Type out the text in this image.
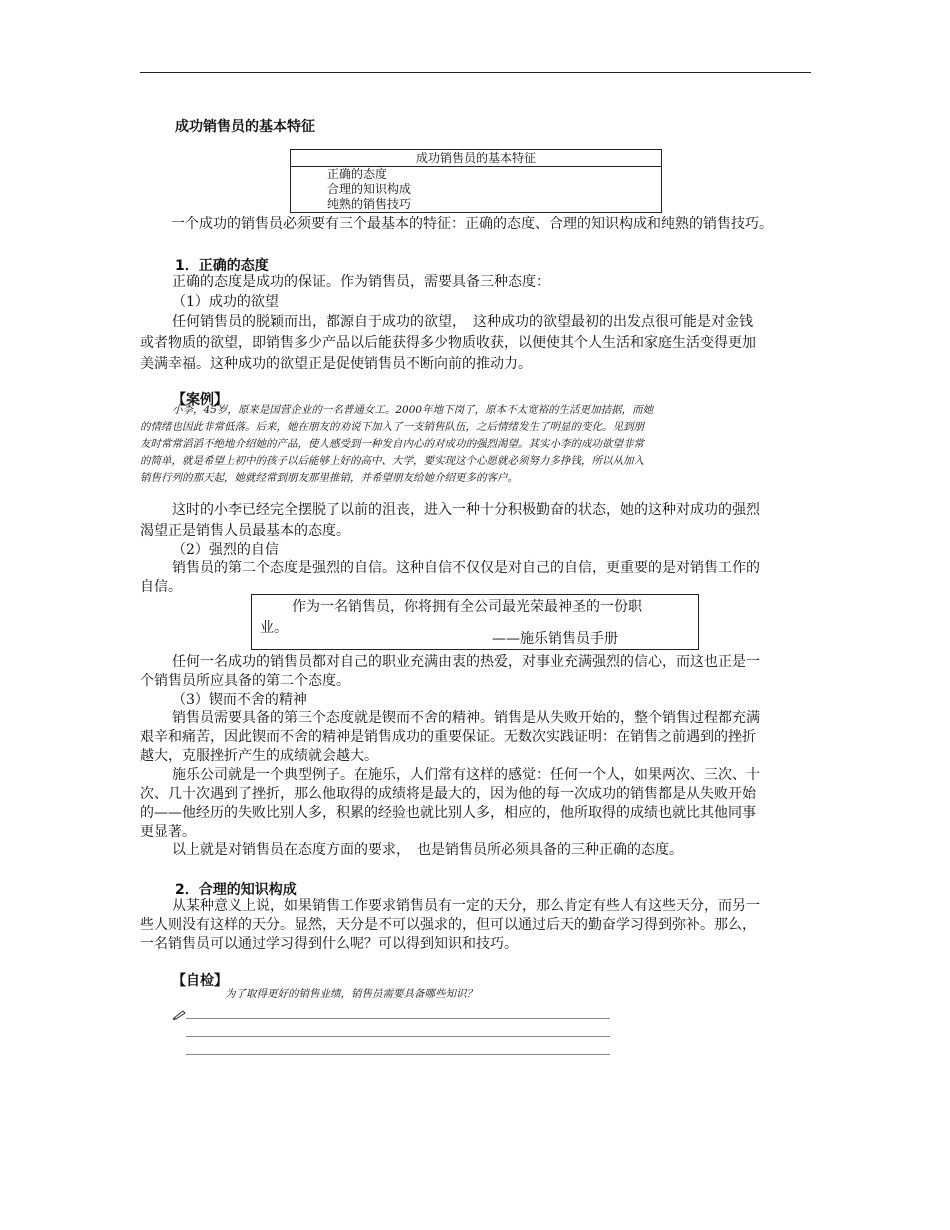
成功销售员的基本特征
成功销售员的基本特征
正确的态度
合理的知识构成
纯熟的销售技巧
一个成功的销售员必须要有三个最基本的特征：正确的态度、合理的知识构成和纯熟的销售技巧。
1．正确的态度
正确的态度是成功的保证。作为销售员，需要具备三种态度：
（1）成功的欲望
任何销售员的脱颖而出，都源自于成功的欲望，　这种成功的欲望最初的出发点很可能是对金钱
或者物质的欲望，即销售多少产品以后能获得多少物质收获，以便使其个人生活和家庭生活变得更加
美满幸福。这种成功的欲望正是促使销售员不断向前的推动力。
【案例】
小李，45岁，原来是国营企业的一名普通女工。2000年地下岗了，原本不太宽裕的生活更加拮据，而她
的情绪也因此非常低落。后来，她在朋友的劝说下加入了一支销售队伍，之后情绪发生了明显的变化。见到朋
友时常常滔滔不绝地介绍她的产品，使人感受到一种发自内心的对成功的强烈渴望。其实小李的成功欲望非常
的简单，就是希望上初中的孩子以后能够上好的高中、大学，要实现这个心愿就必须努力多挣钱，所以从加入
销售行列的那天起，她就经常到朋友那里推销，并希望朋友给她介绍更多的客户。
这时的小李已经完全摆脱了以前的沮丧，进入一种十分积极勤奋的状态，她的这种对成功的强烈
渴望正是销售人员最基本的态度。
（2）强烈的自信
销售员的第二个态度是强烈的自信。这种自信不仅仅是对自己的自信，更重要的是对销售工作的
自信。
作为一名销售员，你将拥有全公司最光荣最神圣的一份职
业。
——施乐销售员手册
任何一名成功的销售员都对自己的职业充满由衷的热爱，对事业充满强烈的信心，而这也正是一
个销售员所应具备的第二个态度。
（3）锲而不舍的精神
销售员需要具备的第三个态度就是锲而不舍的精神。销售是从失败开始的，整个销售过程都充满
艰辛和痛苦，因此锲而不舍的精神是销售成功的重要保证。无数次实践证明：在销售之前遇到的挫折
越大，克服挫折产生的成绩就会越大。
施乐公司就是一个典型例子。在施乐，人们常有这样的感觉：任何一个人，如果两次、三次、十
次、几十次遇到了挫折，那么他取得的成绩将是最大的，因为他的每一次成功的销售都是从失败开始
的——他经历的失败比别人多，积累的经验也就比别人多，相应的，他所取得的成绩也就比其他同事
更显著。
以上就是对销售员在态度方面的要求，　也是销售员所必须具备的三种正确的态度。
2．合理的知识构成
从某种意义上说，如果销售工作要求销售员有一定的天分，那么肯定有些人有这些天分，而另一
些人则没有这样的天分。显然，天分是不可以强求的，但可以通过后天的勤奋学习得到弥补。那么，
一名销售员可以通过学习得到什么呢？可以得到知识和技巧。
【自检】
为了取得更好的销售业绩，销售员需要具备哪些知识？
